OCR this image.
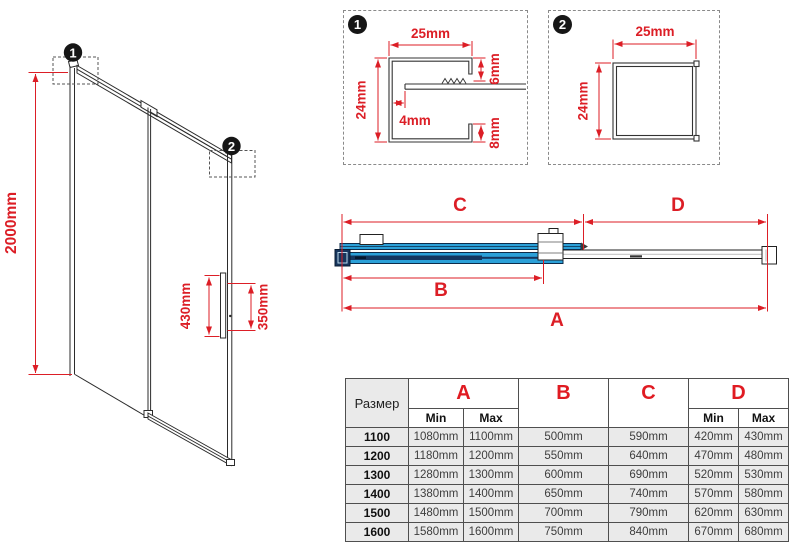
1
2
2000mm
430mm	350mm
1
25mm
24mm
4mm
6mm
8mm
2	25mm
24mm
C	D
B
A
Размер	A		B	C	D	
	Min	Max			Min	Max
1100	1080mm	1100mm	500mm	590mm	420mm	430mm
1200	1180mm	1200mm	550mm	640mm	470mm	480mm
1300	1280mm	1300mm	600mm	690mm	520mm	530mm
1400	1380mm	1400mm	650mm	740mm	570mm	580mm
1500	1480mm	1500mm	700mm	790mm	620mm	630mm
1600	1580mm	1600mm	750mm	840mm	670mm	680mm
